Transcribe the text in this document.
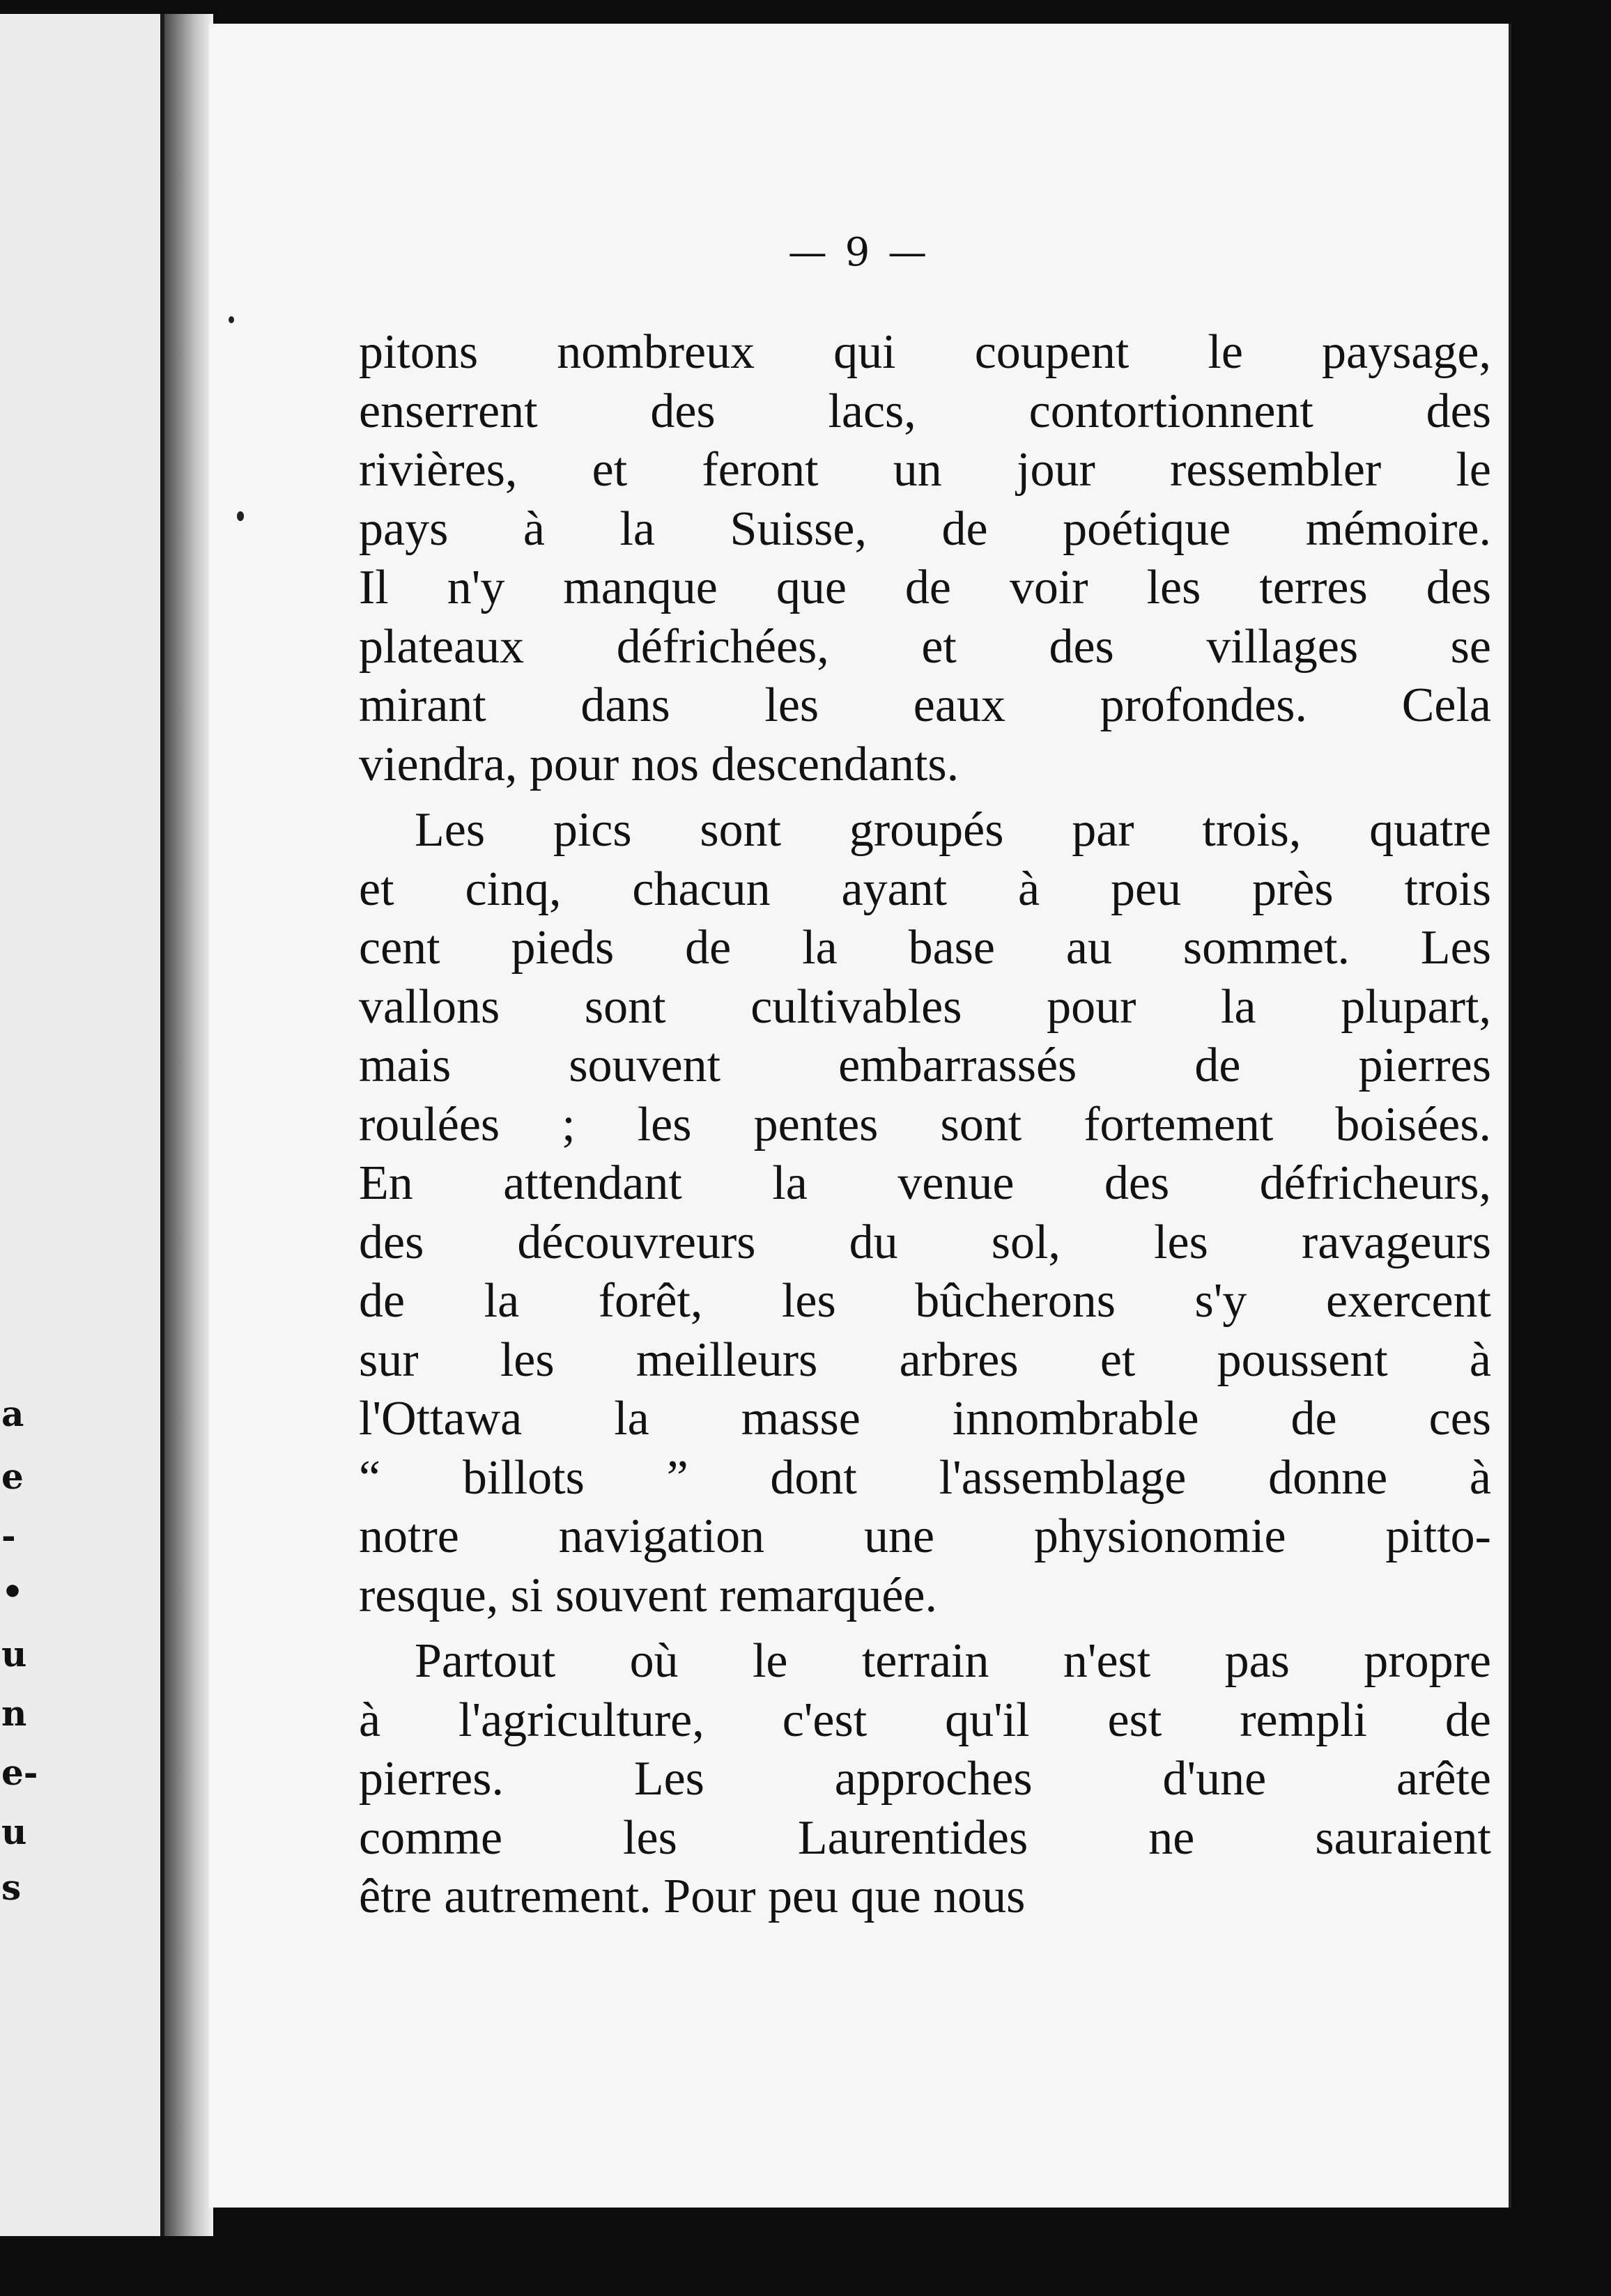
a
e
-
•
u
n
e-
u
s
— 9 —
pitons nombreux qui coupent le paysage,
enserrent des lacs, contortionnent des
rivières, et feront un jour ressembler le
pays à la Suisse, de poétique mémoire.
Il n'y manque que de voir les terres des
plateaux défrichées, et des villages se
mirant dans les eaux profondes. Cela
viendra, pour nos descendants.
Les pics sont groupés par trois, quatre
et cinq, chacun ayant à peu près trois
cent pieds de la base au sommet. Les
vallons sont cultivables pour la plupart,
mais souvent embarrassés de pierres
roulées ; les pentes sont fortement boisées.
En attendant la venue des défricheurs,
des découvreurs du sol, les ravageurs
de la forêt, les bûcherons s'y exercent
sur les meilleurs arbres et poussent à
l'Ottawa la masse innombrable de ces
“ billots ” dont l'assemblage donne à
notre navigation une physionomie pitto-
resque, si souvent remarquée.
Partout où le terrain n'est pas propre
à l'agriculture, c'est qu'il est rempli de
pierres. Les approches d'une arête
comme les Laurentides ne sauraient
être autrement. Pour peu que nous
